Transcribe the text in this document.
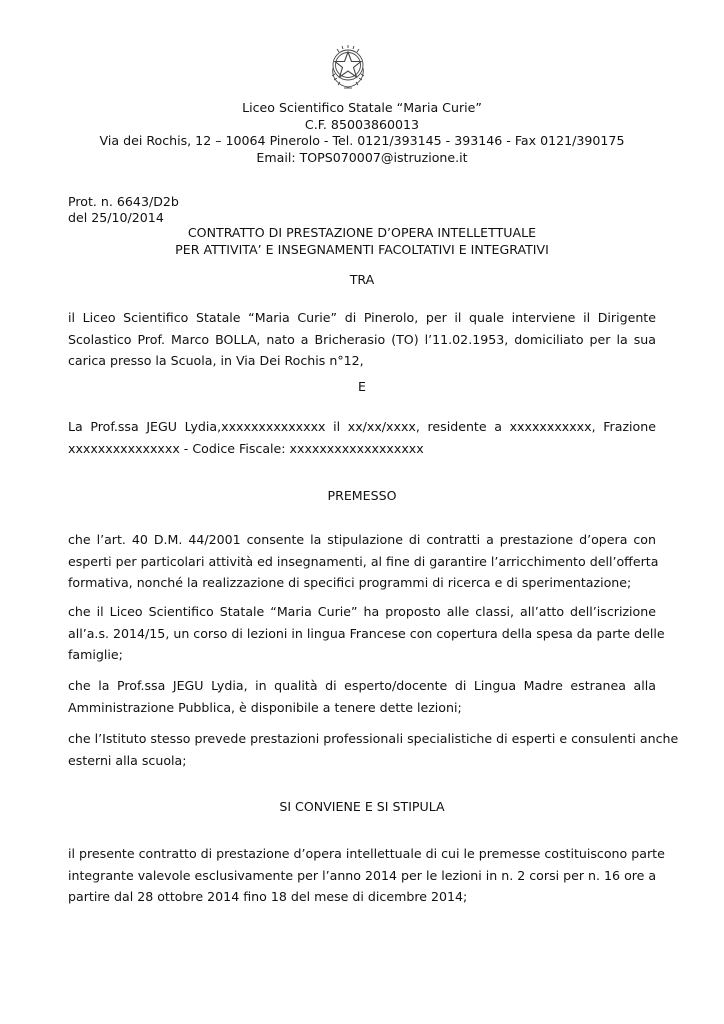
Liceo Scientifico Statale “Maria Curie”
C.F. 85003860013
Via dei Rochis, 12 – 10064 Pinerolo - Tel. 0121/393145 - 393146 - Fax 0121/390175
Email: TOPS070007@istruzione.it
Prot. n. 6643/D2b
del 25/10/2014
CONTRATTO DI PRESTAZIONE D’OPERA INTELLETTUALE
PER ATTIVITA’ E INSEGNAMENTI FACOLTATIVI E INTEGRATIVI
TRA
il Liceo Scientifico Statale “Maria Curie” di Pinerolo, per il quale interviene il Dirigente
Scolastico Prof. Marco BOLLA, nato a Bricherasio (TO) l’11.02.1953, domiciliato per la sua
carica presso la Scuola, in Via Dei Rochis n°12,
E
La Prof.ssa JEGU Lydia,xxxxxxxxxxxxxx il xx/xx/xxxx, residente a xxxxxxxxxxx, Frazione
xxxxxxxxxxxxxxx - Codice Fiscale: xxxxxxxxxxxxxxxxxx
PREMESSO
che l’art. 40 D.M. 44/2001 consente la stipulazione di contratti a prestazione d’opera con
esperti per particolari attività ed insegnamenti, al fine di garantire l’arricchimento dell’offerta
formativa, nonché la realizzazione di specifici programmi di ricerca e di sperimentazione;
che il Liceo Scientifico Statale “Maria Curie” ha proposto alle classi, all’atto dell’iscrizione
all’a.s. 2014/15, un corso di lezioni in lingua Francese con copertura della spesa da parte delle
famiglie;
che la Prof.ssa JEGU Lydia, in qualità di esperto/docente di Lingua Madre estranea alla
Amministrazione Pubblica, è disponibile a tenere dette lezioni;
che l’Istituto stesso prevede prestazioni professionali specialistiche di esperti e consulenti anche
esterni alla scuola;
SI CONVIENE E SI STIPULA
il presente contratto di prestazione d’opera intellettuale di cui le premesse costituiscono parte
integrante valevole esclusivamente per l’anno 2014 per le lezioni in n. 2 corsi per n. 16 ore a
partire dal 28 ottobre 2014 fino 18 del mese di dicembre 2014;
